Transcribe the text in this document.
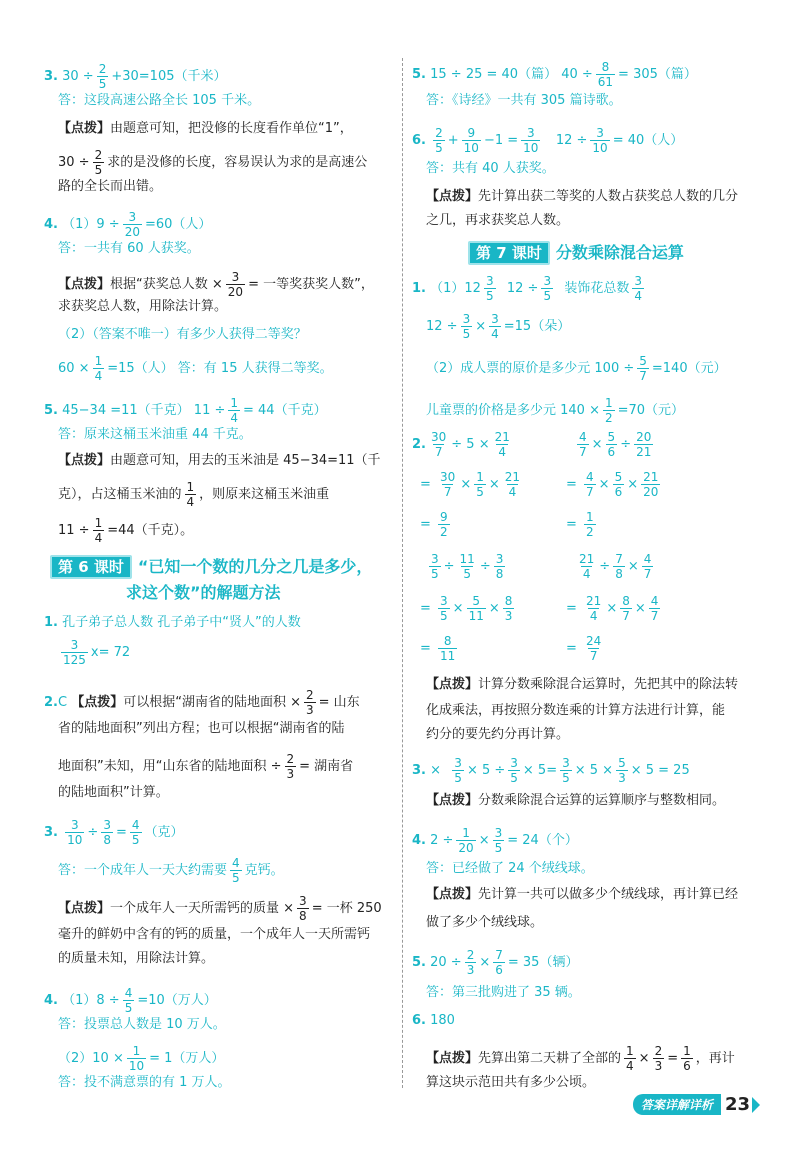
3. $30 \div \frac{2}{5} +30=105$（千米）
答：这段高速公路全长 105 千米。
【点拨】由题意可知，把没修的长度看作单位“1”，
$30 \div \frac{2}{5}$ 求的是没修的长度，容易误认为求的是高速公
路的全长而出错。
4. $(1)9 \div \frac{3}{20} =60$（人）
答：一共有 60 人获奖。
【点拨】根据“获奖总人数 × $\frac{3}{20}$ = 一等奖获奖人数”，
求获奖总人数，用除法计算。
（2）（答案不唯一）有多少人获得二等奖？
$60 \times \frac{1}{4} =15$（人） 答：有 15 人获得二等奖。
5. 45−34 =11（千克） $11 \div \frac{1}{4} = 44$（千克）
答：原来这桶玉米油重 44 千克。
【点拨】由题意可知，用去的玉米油是 45−34=11（千
克），占这桶玉米油的 $\frac{1}{4}$ ，则原来这桶玉米油重
$11 \div \frac{1}{4} =44$（千克）。
第 6 课时 “已知一个数的几分之几是多少，
求这个数”的解题方法
1. 孔子弟子总人数 孔子弟子中“贤人”的人数
$\frac{3}{125} x= 72$
2.C 【点拨】可以根据“湖南省的陆地面积 × $\frac{2}{3}$ = 山东
省的陆地面积”列出方程；也可以根据“湖南省的陆
地面积”未知，用“山东省的陆地面积 ÷ $\frac{2}{3}$ = 湖南省
的陆地面积”计算。
3. $\frac{3}{10} \div \frac{3}{8} = \frac{4}{5}$ （克）
答：一个成年人一天大约需要 $\frac{4}{5}$ 克钙。
【点拨】一个成年人一天所需钙的质量 × $\frac{3}{8}$ = 一杯 250
毫升的鲜奶中含有的钙的质量，一个成年人一天所需钙
的质量未知，用除法计算。
4. $(1)8 \div \frac{4}{5} =10$（万人）
答：投票总人数是 10 万人。
$(2)10 \times \frac{1}{10} = 1$（万人）
答：投不满意票的有 1 万人。
5. 15 ÷ 25 = 40（篇） $40 \div \frac{8}{61} = 305$（篇）
答：《诗经》一共有 305 篇诗歌。
6. $\frac{2}{5} + \frac{9}{10} -1 = \frac{3}{10} 12 \div \frac{3}{10} = 40$（人）
答：共有 40 人获奖。
【点拨】先计算出获二等奖的人数占获奖总人数的几分
之几，再求获奖总人数。
第 7 课时 分数乘除混合运算
1. $(1)12 \frac{3}{5} 12 \div \frac{3}{5}$ 装饰花总数 $\frac{3}{4}$
$12 \div \frac{3}{5} \times \frac{3}{4} =15$（朵）
（2）成人票的原价是多少元 $100 \div \frac{5}{7} =140$（元）
儿童票的价格是多少元 $140 \times \frac{1}{2} =70$（元）
2. $\frac{30}{7} \div 5 \times \frac{21}{4}$
= $\frac{30}{7} \times \frac{1}{5} \times \frac{21}{4}$
= $\frac{9}{2}$
$\frac{4}{7} \times \frac{5}{6} \div \frac{20}{21}$
= $\frac{4}{7} \times \frac{5}{6} \times \frac{21}{20}$
= $\frac{1}{2}$
$\frac{3}{5} \div \frac{11}{5} \div \frac{3}{8}$
= $\frac{3}{5} \times \frac{5}{11} \times \frac{8}{3}$
= $\frac{8}{11}$
$\frac{21}{4} \div \frac{7}{8} \times \frac{4}{7}$
= $\frac{21}{4} \times \frac{8}{7} \times \frac{4}{7}$
= $\frac{24}{7}$
【点拨】计算分数乘除混合运算时，先把其中的除法转
化成乘法，再按照分数连乘的计算方法进行计算，能
约分的要先约分再计算。
3. × $\frac{3}{5} \times 5 \div \frac{3}{5} \times 5= \frac{3}{5} \times 5 \times \frac{5}{3} \times 5 = 25$
【点拨】分数乘除混合运算的运算顺序与整数相同。
4. $2 \div \frac{1}{20} \times \frac{3}{5} = 24$（个）
答：已经做了 24 个绒线球。
【点拨】先计算一共可以做多少个绒线球，再计算已经
做了多少个绒线球。
5. $20 \div \frac{2}{3} \times \frac{7}{6} = 35$（辆）
答：第三批购进了 35 辆。
6. 180
【点拨】先算出第二天耕了全部的 $\frac{1}{4} \times \frac{2}{3} = \frac{1}{6}$ ，再计
算这块示范田共有多少公顷。
答案详解详析 23
